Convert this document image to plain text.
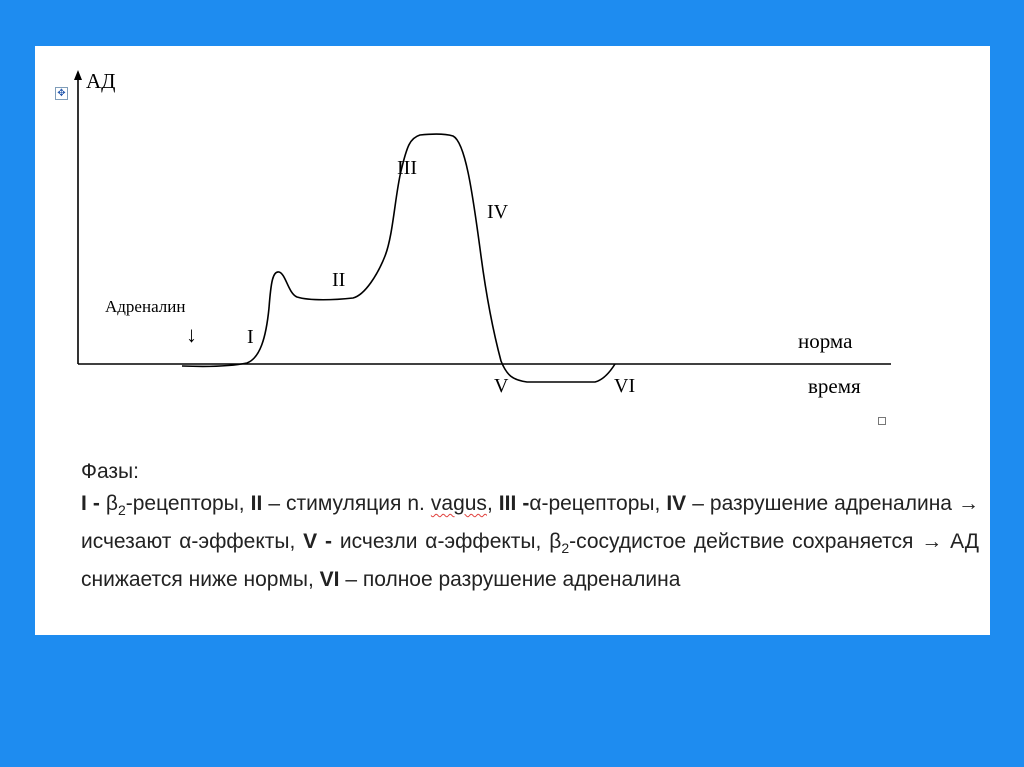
АД
норма
время
Адреналин
↓	I
II
III
IV
V	VI
✥

Фазы:

I - $\beta_2$-рецепторы, II – стимуляция n. vagus, III -α-рецепторы, IV – разрушение адреналина → исчезают α-эффекты, V - исчезли α-эффекты, $\beta_2$-сосудистое действие сохраняется → АД снижается ниже нормы, VI – полное разрушение адреналина
